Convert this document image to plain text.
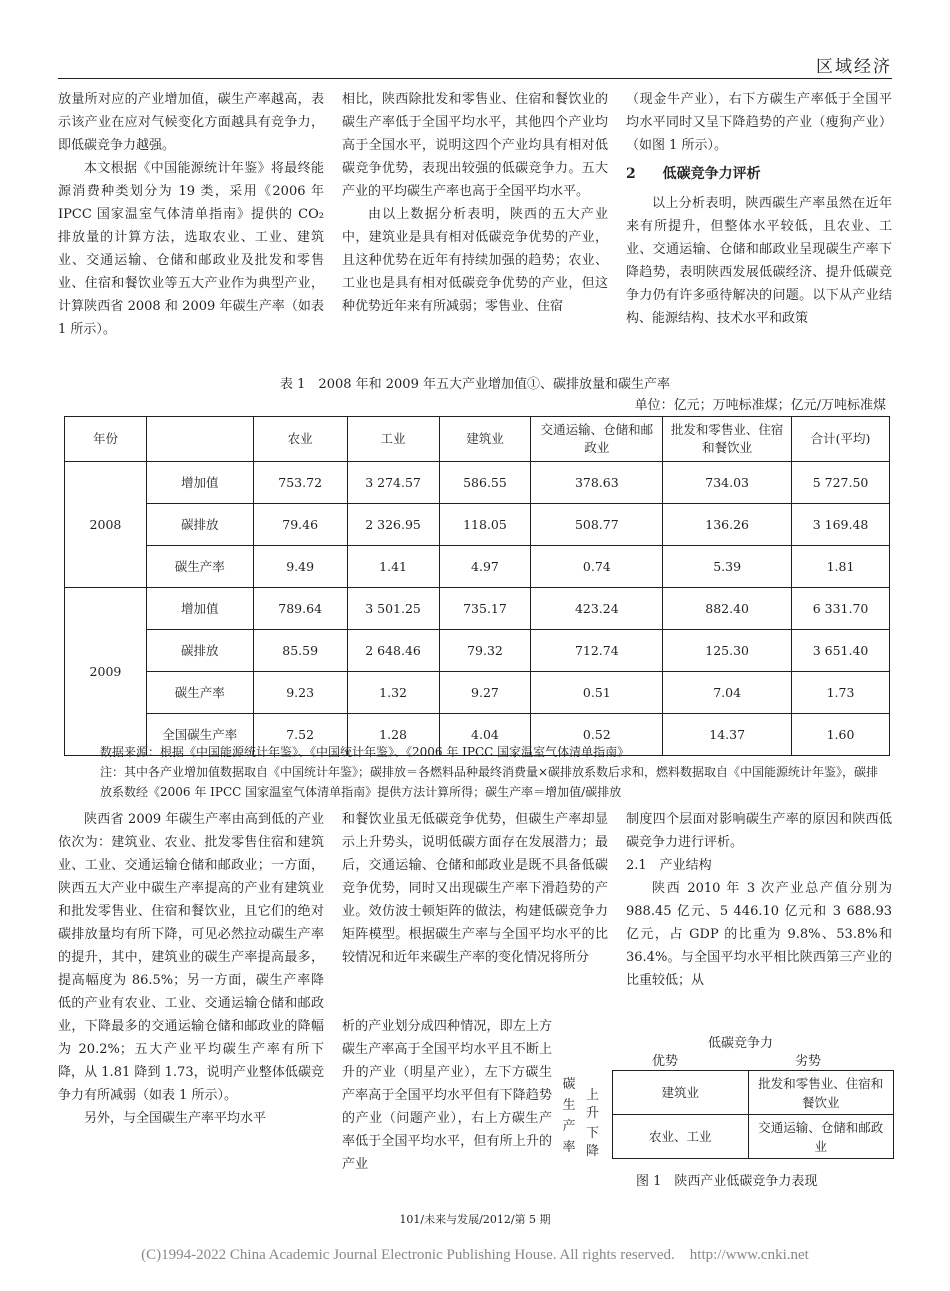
区域经济

放量所对应的产业增加值，碳生产率越高，表示该产业在应对气候变化方面越具有竞争力，即低碳竞争力越强。

本文根据《中国能源统计年鉴》将最终能源消费种类划分为 19 类，采用《2006 年 IPCC 国家温室气体清单指南》提供的 CO₂ 排放量的计算方法，选取农业、工业、建筑业、交通运输、仓储和邮政业及批发和零售业、住宿和餐饮业等五大产业作为典型产业，计算陕西省 2008 和 2009 年碳生产率（如表 1 所示）。

相比，陕西除批发和零售业、住宿和餐饮业的碳生产率低于全国平均水平，其他四个产业均高于全国水平，说明这四个产业均具有相对低碳竞争优势，表现出较强的低碳竞争力。五大产业的平均碳生产率也高于全国平均水平。

由以上数据分析表明，陕西的五大产业中，建筑业是具有相对低碳竞争优势的产业，且这种优势在近年有持续加强的趋势；农业、工业也是具有相对低碳竞争优势的产业，但这种优势近年来有所减弱；零售业、住宿

（现金牛产业），右下方碳生产率低于全国平均水平同时又呈下降趋势的产业（瘦狗产业）（如图 1 所示）。

2 低碳竞争力评析

以上分析表明，陕西碳生产率虽然在近年来有所提升，但整体水平较低，且农业、工业、交通运输、仓储和邮政业呈现碳生产率下降趋势，表明陕西发展低碳经济、提升低碳竞争力仍有许多亟待解决的问题。以下从产业结构、能源结构、技术水平和政策

表 1　2008 年和 2009 年五大产业增加值①、碳排放量和碳生产率
单位：亿元；万吨标准煤；亿元/万吨标准煤
年份		农业	工业	建筑业	交通运输、仓储和邮政业	批发和零售业、住宿和餐饮业	合计(平均)
2008	增加值	753.72	3 274.57	586.55	378.63	734.03	5 727.50
	碳排放	79.46	2 326.95	118.05	508.77	136.26	3 169.48
	碳生产率	9.49	1.41	4.97	0.74	5.39	1.81
2009	增加值	789.64	3 501.25	735.17	423.24	882.40	6 331.70
	碳排放	85.59	2 648.46	79.32	712.74	125.30	3 651.40
	碳生产率	9.23	1.32	9.27	0.51	7.04	1.73
	全国碳生产率	7.52	1.28	4.04	0.52	14.37	1.60
数据来源：根据《中国能源统计年鉴》、《中国统计年鉴》、《2006 年 IPCC 国家温室气体清单指南》
注：其中各产业增加值数据取自《中国统计年鉴》；碳排放＝各燃料品种最终消费量×碳排放系数后求和，燃料数据取自《中国能源统计年鉴》，碳排放系数经《2006 年 IPCC 国家温室气体清单指南》提供方法计算所得；碳生产率＝增加值/碳排放

陕西省 2009 年碳生产率由高到低的产业依次为：建筑业、农业、批发零售住宿和建筑业、工业、交通运输仓储和邮政业；一方面，陕西五大产业中碳生产率提高的产业有建筑业和批发零售业、住宿和餐饮业，且它们的绝对碳排放量均有所下降，可见必然拉动碳生产率的提升，其中，建筑业的碳生产率提高最多，提高幅度为 86.5%；另一方面，碳生产率降低的产业有农业、工业、交通运输仓储和邮政业，下降最多的交通运输仓储和邮政业的降幅为 20.2%；五大产业平均碳生产率有所下降，从 1.81 降到 1.73，说明产业整体低碳竞争力有所减弱（如表 1 所示）。

另外，与全国碳生产率平均水平

和餐饮业虽无低碳竞争优势，但碳生产率却显示上升势头，说明低碳方面存在发展潜力；最后，交通运输、仓储和邮政业是既不具备低碳竞争优势，同时又出现碳生产率下滑趋势的产业。效仿波士顿矩阵的做法，构建低碳竞争力矩阵模型。根据碳生产率与全国平均水平的比较情况和近年来碳生产率的变化情况将所分

析的产业划分成四种情况，即左上方碳生产率高于全国平均水平且不断上升的产业（明星产业），左下方碳生产率高于全国平均水平但有下降趋势的产业（问题产业），右上方碳生产率低于全国平均水平，但有所上升的产业

制度四个层面对影响碳生产率的原因和陕西低碳竞争力进行评析。

2.1　产业结构

陕西 2010 年 3 次产业总产值分别为 988.45 亿元、5 446.10 亿元和 3 688.93 亿元，占 GDP 的比重为 9.8%、53.8%和 36.4%。与全国平均水平相比陕西第三产业的比重较低；从

低碳竞争力
优势	劣势
碳生产率
上升
下降
建筑业	批发和零售业、住宿和餐饮业
农业、工业	交通运输、仓储和邮政业
图 1　陕西产业低碳竞争力表现
101/未来与发展/2012/第 5 期
(C)1994-2022 China Academic Journal Electronic Publishing House. All rights reserved.　http://www.cnki.net
